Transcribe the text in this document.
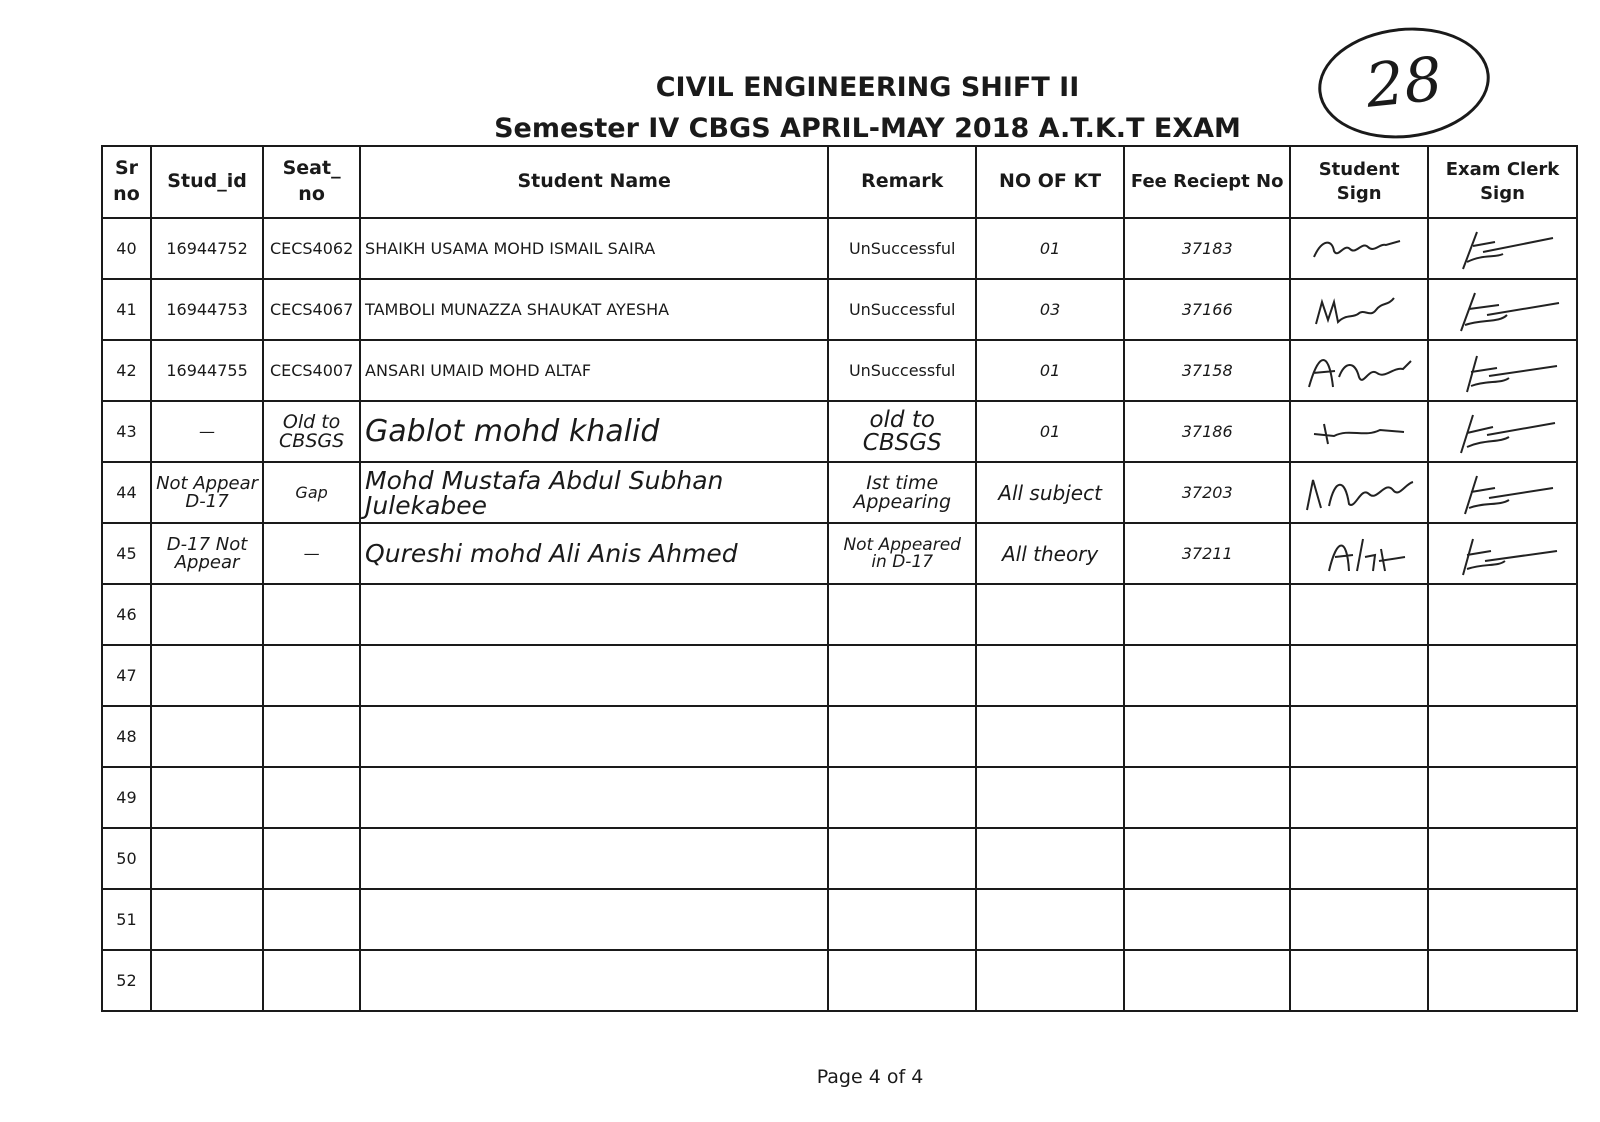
CIVIL ENGINEERING SHIFT II
Semester IV CBGS APRIL-MAY 2018 A.T.K.T EXAM
28
Sr no	Stud_id	Seat_ no	Student Name	Remark	NO OF KT	Fee Reciept No	Student Sign	Exam Clerk Sign
40	16944752	CECS4062	SHAIKH USAMA MOHD ISMAIL SAIRA	UnSuccessful	01	37183	

41	16944753	CECS4067	TAMBOLI MUNAZZA SHAUKAT AYESHA	UnSuccessful	03	37166	

42	16944755	CECS4007	ANSARI UMAID MOHD ALTAF	UnSuccessful	01	37158	

43	—	Old to CBSGS	Gablot mohd khalid	old to CBSGS	01	37186	

44	Not Appear D-17	Gap	Mohd Mustafa Abdul Subhan Julekabee	Ist time Appearing	All subject	37203	

45	D-17 Not Appear	—	Qureshi mohd Ali Anis Ahmed	Not Appeared in D-17	All theory	37211	

46								
47								
48								
49								
50								
51								
52								
Page 4 of 4
